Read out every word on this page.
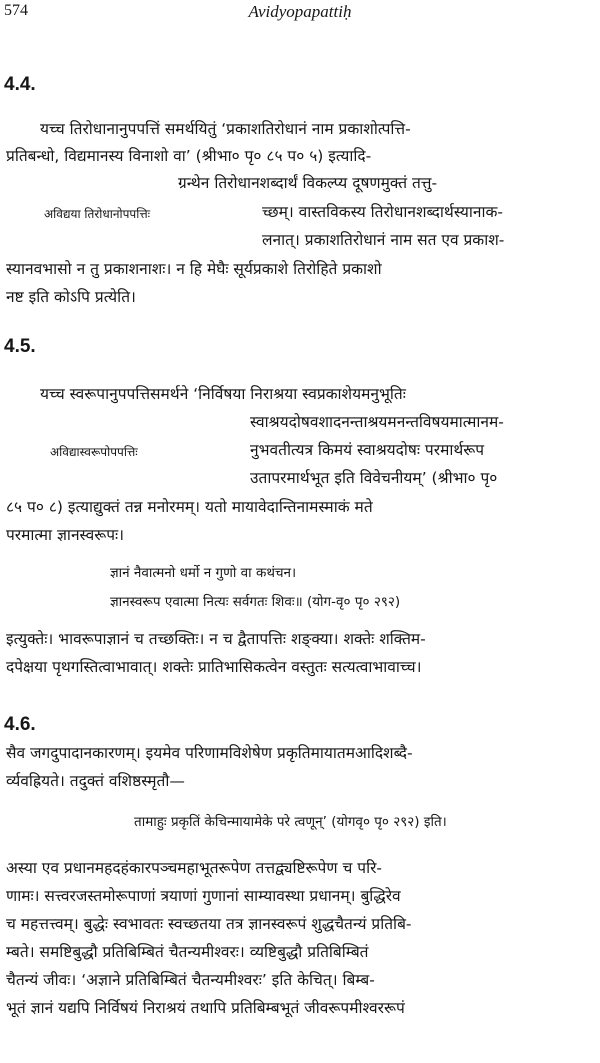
574	Avidyopapattiḥ
4.4.
यच्च तिरोधानानुपपत्तिं समर्थयितुं ‘प्रकाशतिरोधानं नाम प्रकाशोत्पत्ति-
प्रतिबन्धो, विद्यमानस्य विनाशो वा’ (श्रीभा० पृ० ८५ प० ५) इत्यादि-
ग्रन्थेन तिरोधानशब्दार्थं विकल्प्य दूषणमुक्तं तत्तु-
अविद्यया तिरोधानोपपत्तिः	च्छम्। वास्तविकस्य तिरोधानशब्दार्थस्यानाक-
लनात्। प्रकाशतिरोधानं नाम सत एव प्रकाश-
स्यानवभासो न तु प्रकाशनाशः। न हि मेघैः सूर्यप्रकाशे तिरोहिते प्रकाशो
नष्ट इति कोऽपि प्रत्येति।
4.5.
यच्च स्वरूपानुपपत्तिसमर्थने ‘निर्विषया निराश्रया स्वप्रकाशेयमनुभूतिः
स्वाश्रयदोषवशादनन्ताश्रयमनन्तविषयमात्मानम-
अविद्यास्वरूपोपपत्तिः	नुभवतीत्यत्र किमयं स्वाश्रयदोषः परमार्थरूप
उतापरमार्थभूत इति विवेचनीयम्’ (श्रीभा० पृ०
८५ प० ८) इत्याद्युक्तं तन्न मनोरमम्। यतो मायावेदान्तिनामस्माकं मते
परमात्मा ज्ञानस्वरूपः।
ज्ञानं नैवात्मनो धर्मो न गुणो वा कथंचन।
ज्ञानस्वरूप एवात्मा नित्यः सर्वगतः शिवः॥ (योग-वृ० पृ० २९२)
इत्युक्तेः। भावरूपाज्ञानं च तच्छक्तिः। न च द्वैतापत्तिः शङ्क्या। शक्तेः शक्तिम-
दपेक्षया पृथगस्तित्वाभावात्। शक्तेः प्रातिभासिकत्वेन वस्तुतः सत्यत्वाभावाच्च।
4.6.
सैव जगदुपादानकारणम्। इयमेव परिणामविशेषेण प्रकृतिमायातमआदिशब्दै-
र्व्यवह्रियते। तदुक्तं वशिष्ठस्मृतौ—
तामाहुः प्रकृतिं केचिन्मायामेके परे त्वणून्’ (योगवृ० पृ० २९२) इति।
अस्या एव प्रधानमहदहंकारपञ्चमहाभूतरूपेण तत्तद्व्यष्टिरूपेण च परि-
णामः। सत्त्वरजस्तमोरूपाणां त्रयाणां गुणानां साम्यावस्था प्रधानम्। बुद्धिरेव
च महत्तत्त्वम्। बुद्धेः स्वभावतः स्वच्छतया तत्र ज्ञानस्वरूपं शुद्धचैतन्यं प्रतिबि-
म्बते। समष्टिबुद्धौ प्रतिबिम्बितं चैतन्यमीश्वरः। व्यष्टिबुद्धौ प्रतिबिम्बितं
चैतन्यं जीवः। ‘अज्ञाने प्रतिबिम्बितं चैतन्यमीश्वरः’ इति केचित्। बिम्ब-
भूतं ज्ञानं यद्यपि निर्विषयं निराश्रयं तथापि प्रतिबिम्बभूतं जीवरूपमीश्वररूपं
